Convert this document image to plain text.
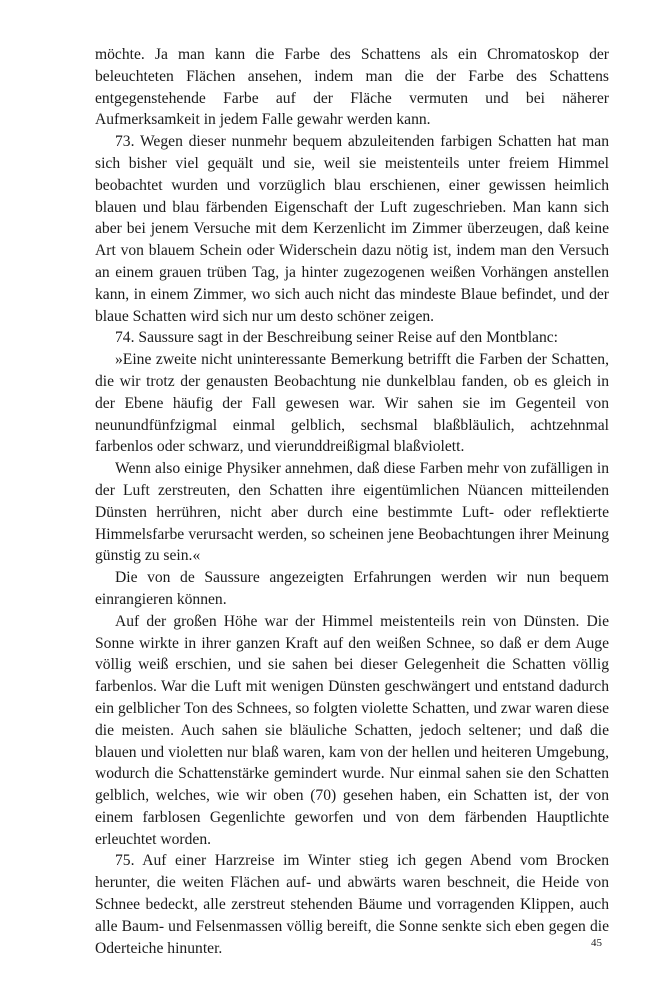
möchte. Ja man kann die Farbe des Schattens als ein Chromatoskop der beleuchteten Flächen ansehen, indem man die der Farbe des Schattens entgegenstehende Farbe auf der Fläche vermuten und bei näherer Aufmerksamkeit in jedem Falle gewahr werden kann.

73. Wegen dieser nunmehr bequem abzuleitenden farbigen Schatten hat man sich bisher viel gequält und sie, weil sie meistenteils unter freiem Himmel beobachtet wurden und vorzüglich blau erschienen, einer gewissen heimlich blauen und blau färbenden Eigenschaft der Luft zugeschrieben. Man kann sich aber bei jenem Versuche mit dem Kerzenlicht im Zimmer überzeugen, daß keine Art von blauem Schein oder Widerschein dazu nötig ist, indem man den Versuch an einem grauen trüben Tag, ja hinter zugezogenen weißen Vorhängen anstellen kann, in einem Zimmer, wo sich auch nicht das mindeste Blaue befindet, und der blaue Schatten wird sich nur um desto schöner zeigen.

74. Saussure sagt in der Beschreibung seiner Reise auf den Montblanc:

»Eine zweite nicht uninteressante Bemerkung betrifft die Farben der Schatten, die wir trotz der genausten Beobachtung nie dunkelblau fanden, ob es gleich in der Ebene häufig der Fall gewesen war. Wir sahen sie im Gegenteil von neunundfünfzigmal einmal gelblich, sechsmal blaßbläulich, achtzehnmal farbenlos oder schwarz, und vierunddreißigmal blaßviolett.

Wenn also einige Physiker annehmen, daß diese Farben mehr von zufälligen in der Luft zerstreuten, den Schatten ihre eigentümlichen Nüancen mitteilenden Dünsten herrühren, nicht aber durch eine bestimmte Luft- oder reflektierte Himmelsfarbe verursacht werden, so scheinen jene Beobachtungen ihrer Meinung günstig zu sein.«

Die von de Saussure angezeigten Erfahrungen werden wir nun bequem einrangieren können.

Auf der großen Höhe war der Himmel meistenteils rein von Dünsten. Die Sonne wirkte in ihrer ganzen Kraft auf den weißen Schnee, so daß er dem Auge völlig weiß erschien, und sie sahen bei dieser Gelegenheit die Schatten völlig farbenlos. War die Luft mit wenigen Dünsten geschwängert und entstand dadurch ein gelblicher Ton des Schnees, so folgten violette Schatten, und zwar waren diese die meisten. Auch sahen sie bläuliche Schatten, jedoch seltener; und daß die blauen und violetten nur blaß waren, kam von der hellen und heiteren Umgebung, wodurch die Schattenstärke gemindert wurde. Nur einmal sahen sie den Schatten gelblich, welches, wie wir oben (70) gesehen haben, ein Schatten ist, der von einem farblosen Gegenlichte geworfen und von dem färbenden Hauptlichte erleuchtet worden.

75. Auf einer Harzreise im Winter stieg ich gegen Abend vom Brocken herunter, die weiten Flächen auf- und abwärts waren beschneit, die Heide von Schnee bedeckt, alle zerstreut stehenden Bäume und vorragenden Klippen, auch alle Baum- und Felsenmassen völlig bereift, die Sonne senkte sich eben gegen die Oderteiche hinunter.	45
